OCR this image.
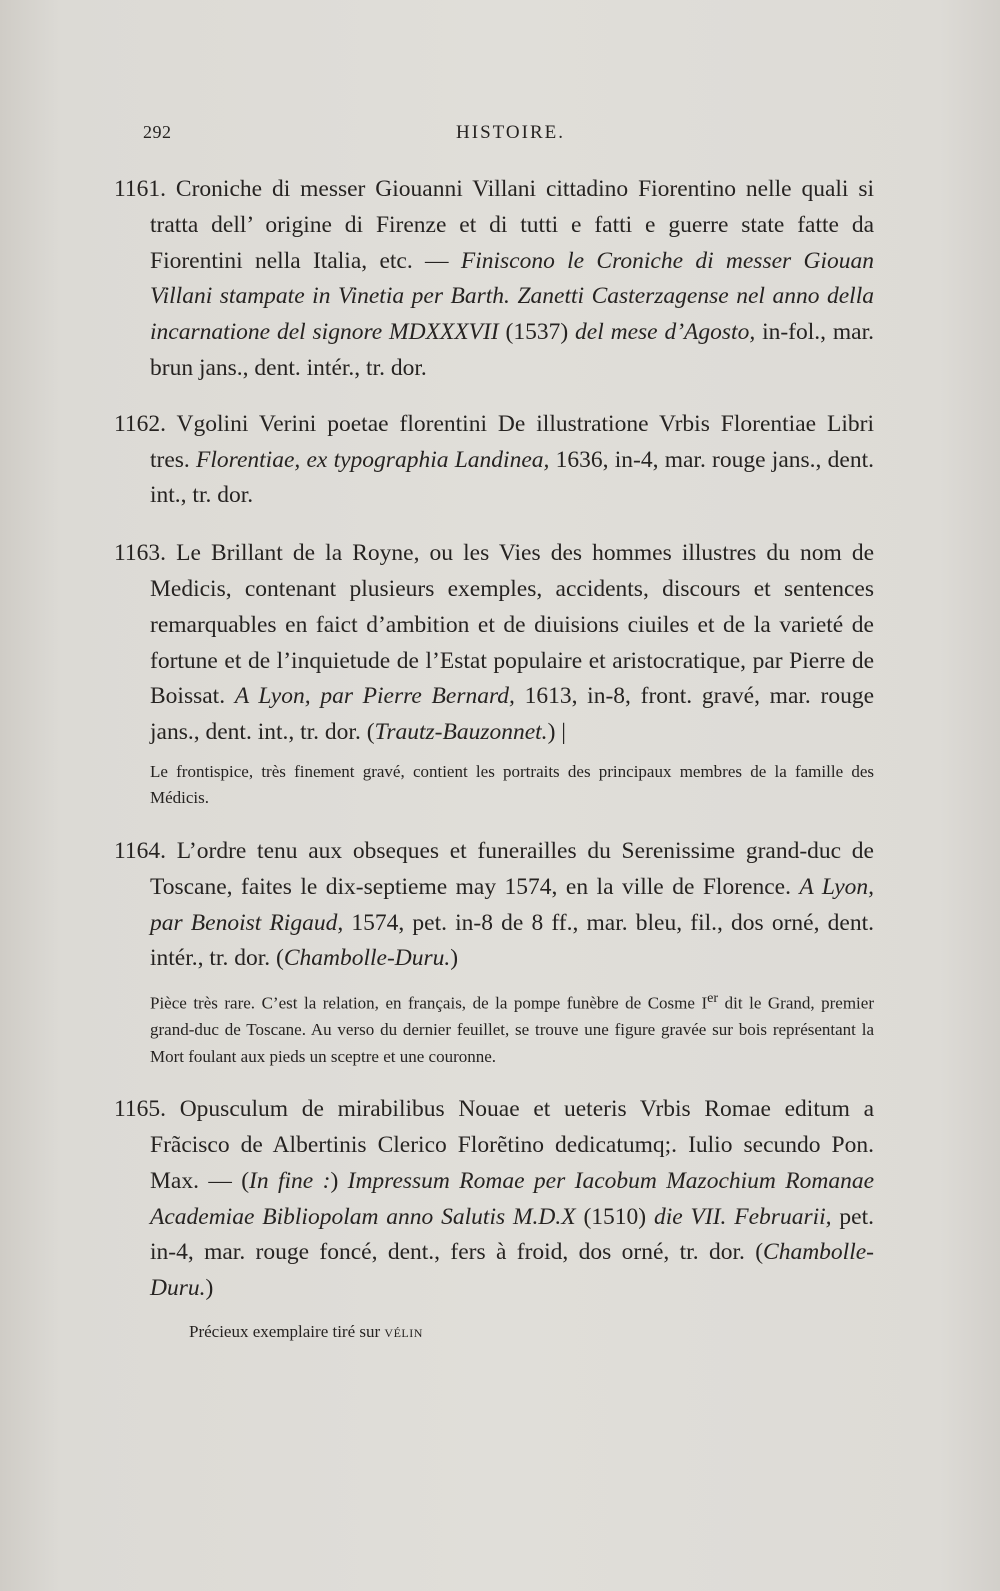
292	HISTOIRE.

1161. Croniche di messer Giouanni Villani cittadino Fiorentino nelle quali si tratta dell’ origine di Firenze et di tutti e fatti e guerre state fatte da Fiorentini nella Italia, etc. — Finiscono le Croniche di messer Giouan Villani stampate in Vinetia per Barth. Zanetti Casterzagense nel anno della incarnatione del signore MDXXXVII (1537) del mese d’Agosto, in-fol., mar. brun jans., dent. intér., tr. dor.

1162. Vgolini Verini poetae florentini De illustratione Vrbis Florentiae Libri tres. Florentiae, ex typographia Landinea, 1636, in-4, mar. rouge jans., dent. int., tr. dor.

1163. Le Brillant de la Royne, ou les Vies des hommes illustres du nom de Medicis, contenant plusieurs exemples, accidents, discours et sentences remarquables en faict d’ambition et de diuisions ciuiles et de la varieté de fortune et de l’inquietude de l’Estat populaire et aristocratique, par Pierre de Boissat. A Lyon, par Pierre Bernard, 1613, in-8, front. gravé, mar. rouge jans., dent. int., tr. dor. (Trautz-Bauzonnet.) |

Le frontispice, très finement gravé, contient les portraits des principaux membres de la famille des Médicis.

1164. L’ordre tenu aux obseques et funerailles du Serenissime grand-duc de Toscane, faites le dix-septieme may 1574, en la ville de Florence. A Lyon, par Benoist Rigaud, 1574, pet. in-8 de 8 ff., mar. bleu, fil., dos orné, dent. intér., tr. dor. (Chambolle-Duru.)

Pièce très rare. C’est la relation, en français, de la pompe funèbre de Cosme Ier dit le Grand, premier grand-duc de Toscane. Au verso du dernier feuillet, se trouve une figure gravée sur bois représentant la Mort foulant aux pieds un sceptre et une couronne.

1165. Opusculum de mirabilibus Nouae et ueteris Vrbis Romae editum a Frãcisco de Albertinis Clerico Florẽtino dedicatumq;. Iulio secundo Pon. Max. — (In fine :) Impressum Romae per Iacobum Mazochium Romanae Academiae Bibliopolam anno Salutis M.D.X (1510) die VII. Februarii, pet. in-4, mar. rouge foncé, dent., fers à froid, dos orné, tr. dor. (Chambolle-Duru.)

Précieux exemplaire tiré sur vélin
